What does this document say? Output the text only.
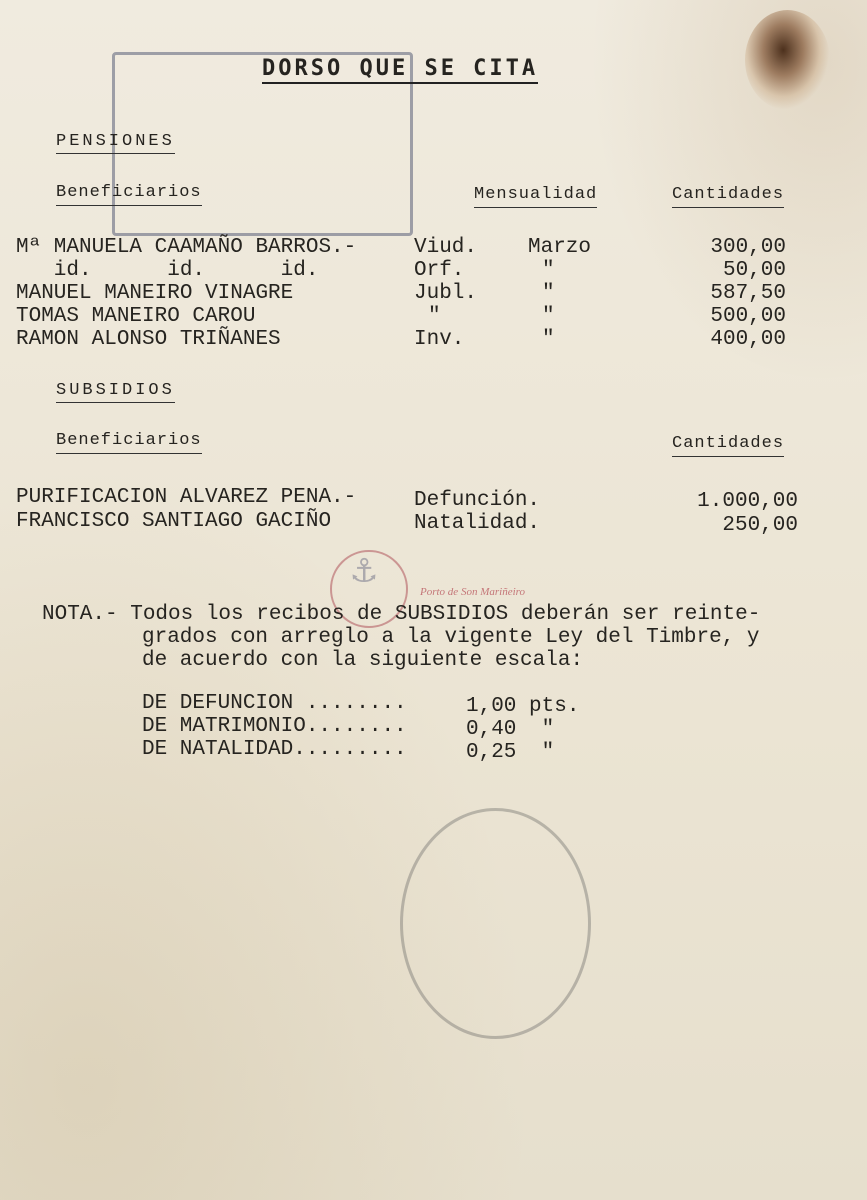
⚓	Porto de Son Mariñeiro
DORSO QUE SE CITA
PENSIONES
Beneficiarios	Mensualidad	Cantidades
Mª MANUELA CAAMAÑO BARROS.-	Viud. Marzo	300,00
id.      id.      id.	Orf.	"	50,00
MANUEL MANEIRO VINAGRE	Jubl.	"	587,50
TOMAS MANEIRO CAROU	"	"	500,00
RAMON ALONSO TRIÑANES	Inv.	"	400,00
SUBSIDIOS
Beneficiarios	Cantidades
PURIFICACION ALVAREZ PENA.-	Defunción.	1.000,00
FRANCISCO SANTIAGO GACIÑO	Natalidad.	250,00
NOTA.- Todos los recibos de SUBSIDIOS deberán ser reinte-
grados con arreglo a la vigente Ley del Timbre, y
de acuerdo con la siguiente escala:
DE DEFUNCION ........	1,00 pts.
DE MATRIMONIO........	0,40  "
DE NATALIDAD.........	0,25  "
